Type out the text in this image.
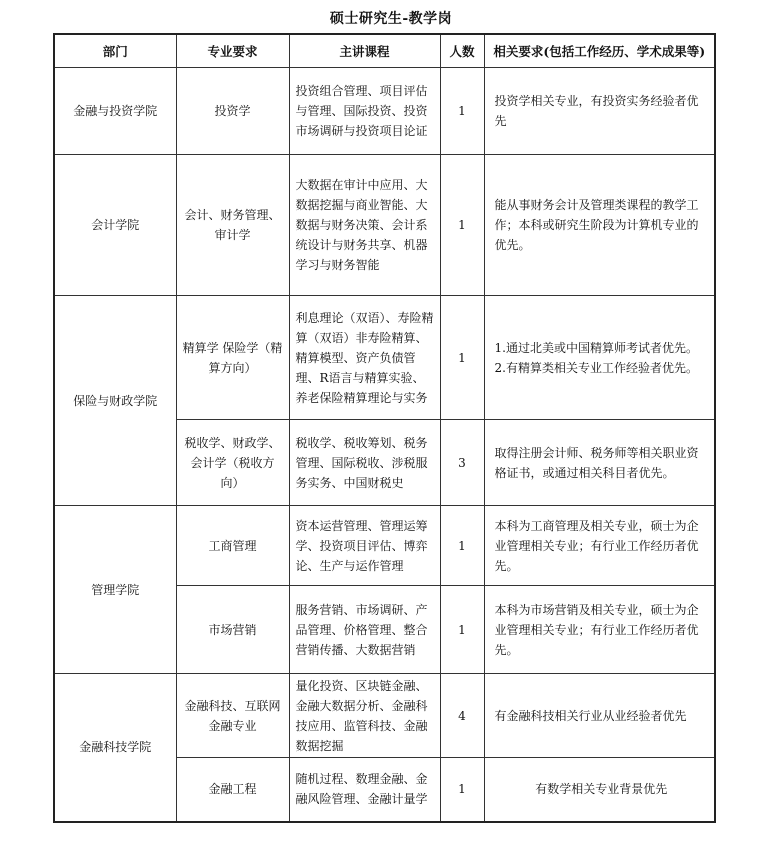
硕士研究生-教学岗
部门	专业要求	主讲课程	人数	相关要求(包括工作经历、学术成果等)

金融与投资学院	投资学	投资组合管理、项目评估与管理、国际投资、投资市场调研与投资项目论证	1	投资学相关专业，有投资实务经验者优先

会计学院	会计、财务管理、审计学	大数据在审计中应用、大数据挖掘与商业智能、大数据与财务决策、会计系统设计与财务共享、机器学习与财务智能	1	能从事财务会计及管理类课程的教学工作；本科或研究生阶段为计算机专业的优先。

保险与财政学院	精算学 保险学（精算方向）	利息理论（双语）、寿险精算（双语）非寿险精算、精算模型、资产负债管理、R语言与精算实验、养老保险精算理论与实务	1	1.通过北美或中国精算师考试者优先。 2.有精算类相关专业工作经验者优先。

	税收学、财政学、会计学（税收方向）	税收学、税收筹划、税务管理、国际税收、涉税服务实务、中国财税史	3	取得注册会计师、税务师等相关职业资格证书，或通过相关科目者优先。

管理学院	工商管理	资本运营管理、管理运筹学、投资项目评估、博弈论、生产与运作管理	1	本科为工商管理及相关专业，硕士为企业管理相关专业；有行业工作经历者优先。

	市场营销	服务营销、市场调研、产品管理、价格管理、整合营销传播、大数据营销	1	本科为市场营销及相关专业，硕士为企业管理相关专业；有行业工作经历者优先。

金融科技学院	金融科技、互联网金融专业	量化投资、区块链金融、金融大数据分析、金融科技应用、监管科技、金融数据挖掘	4	有金融科技相关行业从业经验者优先

	金融工程	随机过程、数理金融、金融风险管理、金融计量学	1	有数学相关专业背景优先
